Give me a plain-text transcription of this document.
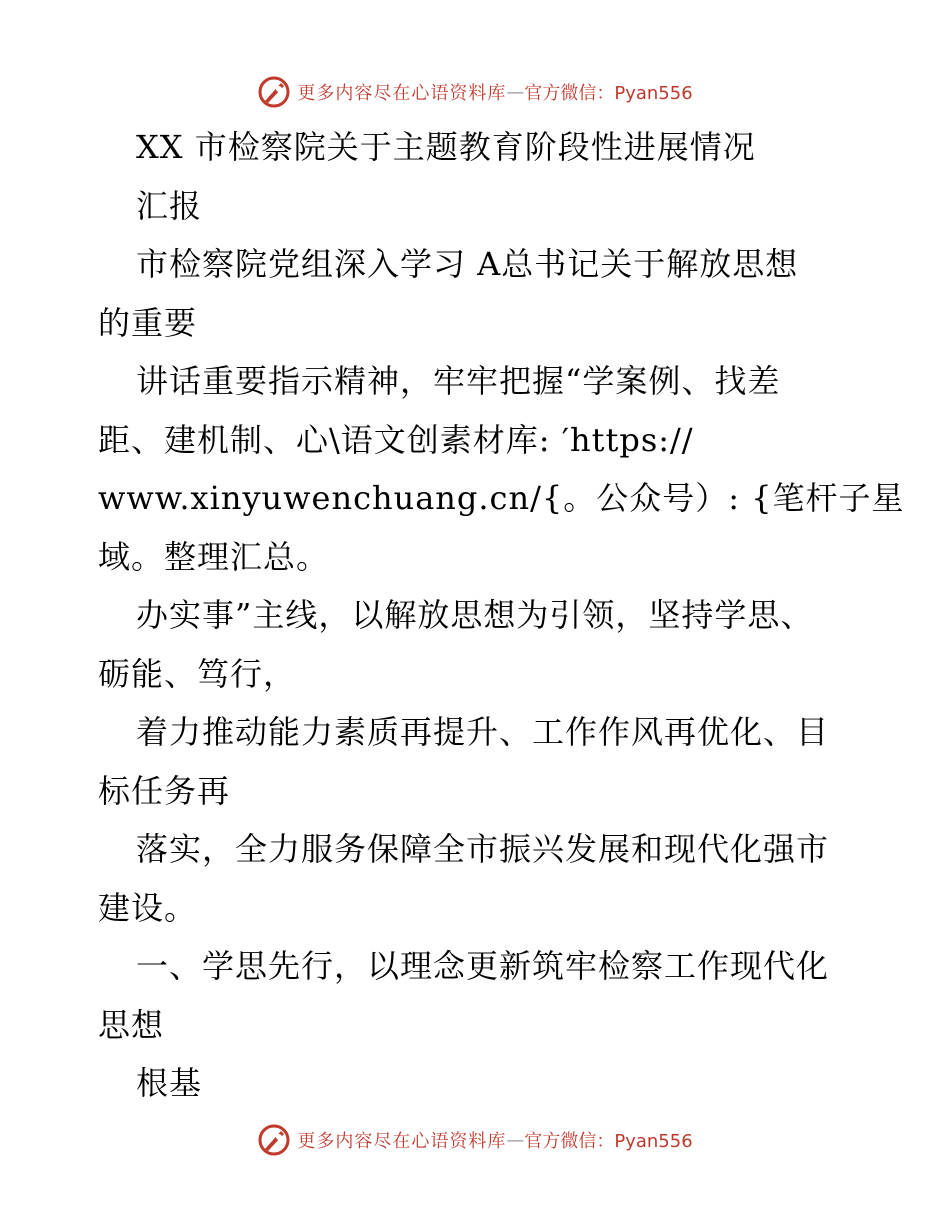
更多内容尽在心语资料库 — 官方微信：Pyan556
XX 市检察院关于主题教育阶段性进展情况
汇报
市检察院党组深入学习 A总书记关于解放思想
的重要
讲话重要指示精神，牢牢把握“学案例、找差
距、建机制、心\语文创素材库: ′https://
www.xinyuwenchuang.cn/{。公众号）: {笔杆子星
域。整理汇总。
办实事”主线，以解放思想为引领，坚持学思、
砺能、笃行，
着力推动能力素质再提升、工作作风再优化、目
标任务再
落实，全力服务保障全市振兴发展和现代化强市
建设。
一、学思先行，以理念更新筑牢检察工作现代化
思想
根基
更多内容尽在心语资料库 — 官方微信：Pyan556
